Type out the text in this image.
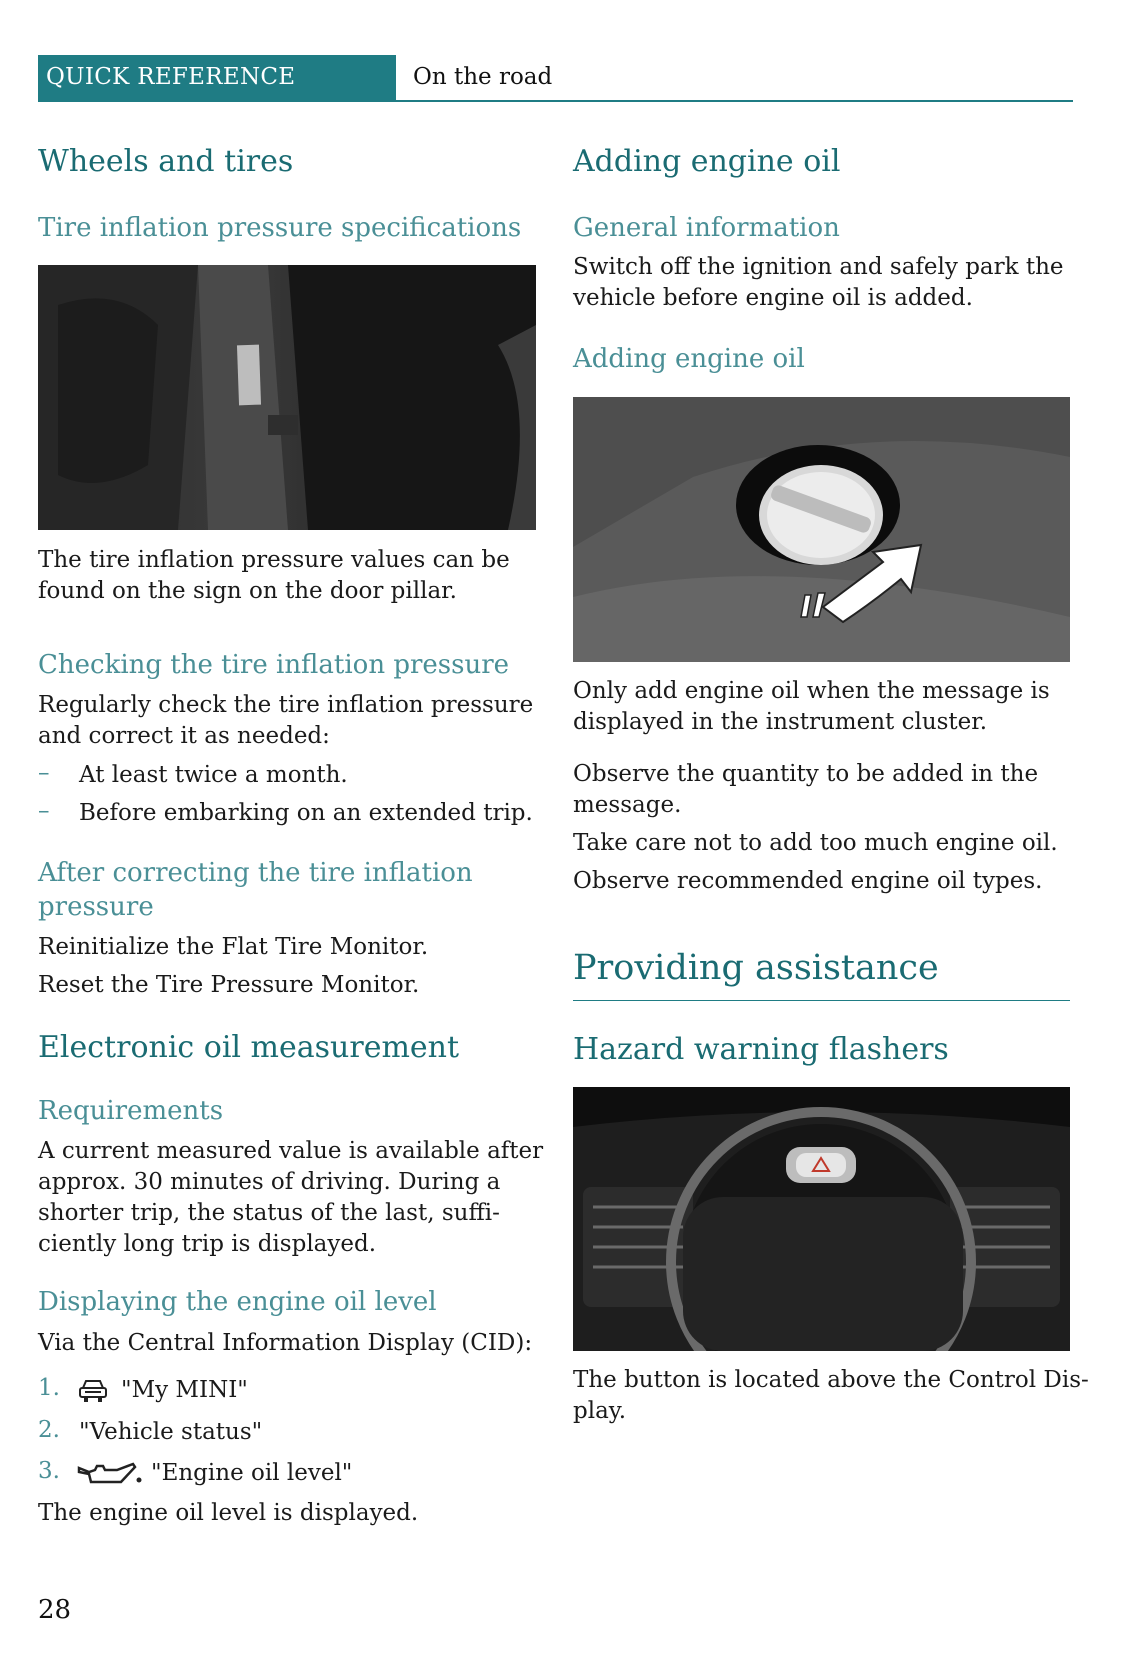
QUICK REFERENCE	On the road
Wheels and tires
Tire inflation pressure specifications
The tire inflation pressure values can be
found on the sign on the door pillar.
Checking the tire inflation pressure
Regularly check the tire inflation pressure
and correct it as needed:
– At least twice a month.
– Before embarking on an extended trip.
After correcting the tire inflation
pressure
Reinitialize the Flat Tire Monitor.
Reset the Tire Pressure Monitor.
Electronic oil measurement
Requirements
A current measured value is available after
approx. 30 minutes of driving. During a
shorter trip, the status of the last, suffi-
ciently long trip is displayed.
Displaying the engine oil level
Via the Central Information Display (CID):
1.	"My MINI"
2. "Vehicle status"
3.	"Engine oil level"
The engine oil level is displayed.
Adding engine oil
General information
Switch off the ignition and safely park the
vehicle before engine oil is added.
Adding engine oil
Only add engine oil when the message is
displayed in the instrument cluster.
Observe the quantity to be added in the
message.
Take care not to add too much engine oil.
Observe recommended engine oil types.
Providing assistance
Hazard warning flashers
The button is located above the Control Dis-
play.
28
